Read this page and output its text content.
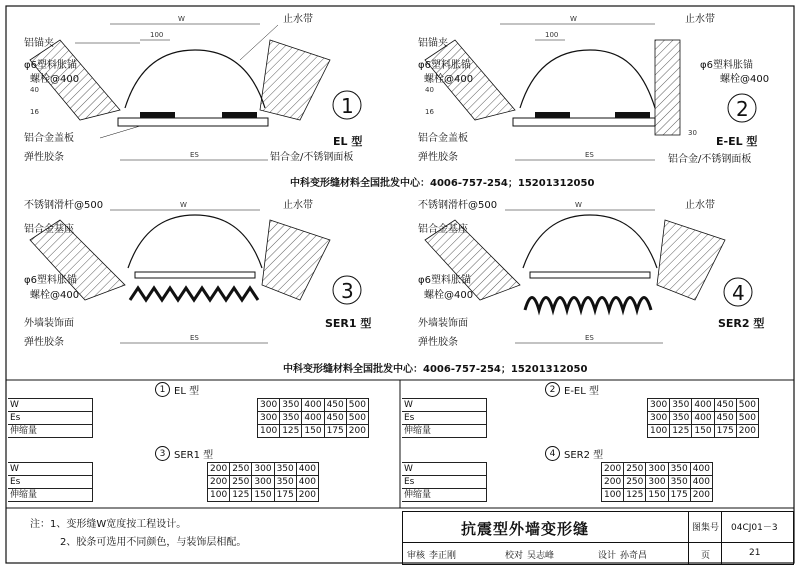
W
100
ES
40
16
铝锚夹
φ6塑料胀锚
螺栓@400
铝合金盖板
弹性胶条
止水带
铝合金/不锈钢面板
1
EL 型
W
100
ES
40
16
30
铝锚夹
φ6塑料胀锚
螺栓@400
铝合金盖板
弹性胶条
止水带
φ6塑料胀锚
螺栓@400
铝合金/不锈钢面板
2
E-EL 型
中科变形缝材料全国批发中心：4006-757-254；15201312050
W
ES
不锈钢滑杆@500
铝合金基座
φ6塑料胀锚
螺栓@400
外墙装饰面
弹性胶条
止水带
3
SER1 型
W
ES
不锈钢滑杆@500
铝合金基座
φ6塑料胀锚
螺栓@400
外墙装饰面
弹性胶条
止水带
4
SER2 型
中科变形缝材料全国批发中心：4006-757-254；15201312050
1 EL 型
W		300	350	400	450	500
Es		300	350	400	450	500
伸缩量		100	125	150	175	200
2 E-EL 型
W		300	350	400	450	500
Es		300	350	400	450	500
伸缩量		100	125	150	175	200
3 SER1 型
W		200	250	300	350	400
Es		200	250	300	350	400
伸缩量		100	125	150	175	200
4 SER2 型
W		200	250	300	350	400
Es		200	250	300	350	400
伸缩量		100	125	150	175	200
注：1、变形缝W宽度按工程设计。
2、胶条可选用不同颜色，与装饰层相配。
抗震型外墙变形缝	图集号 04CJ01－3
页	21
审核 李正刚	校对 吴志峰	设计 孙奇昌
